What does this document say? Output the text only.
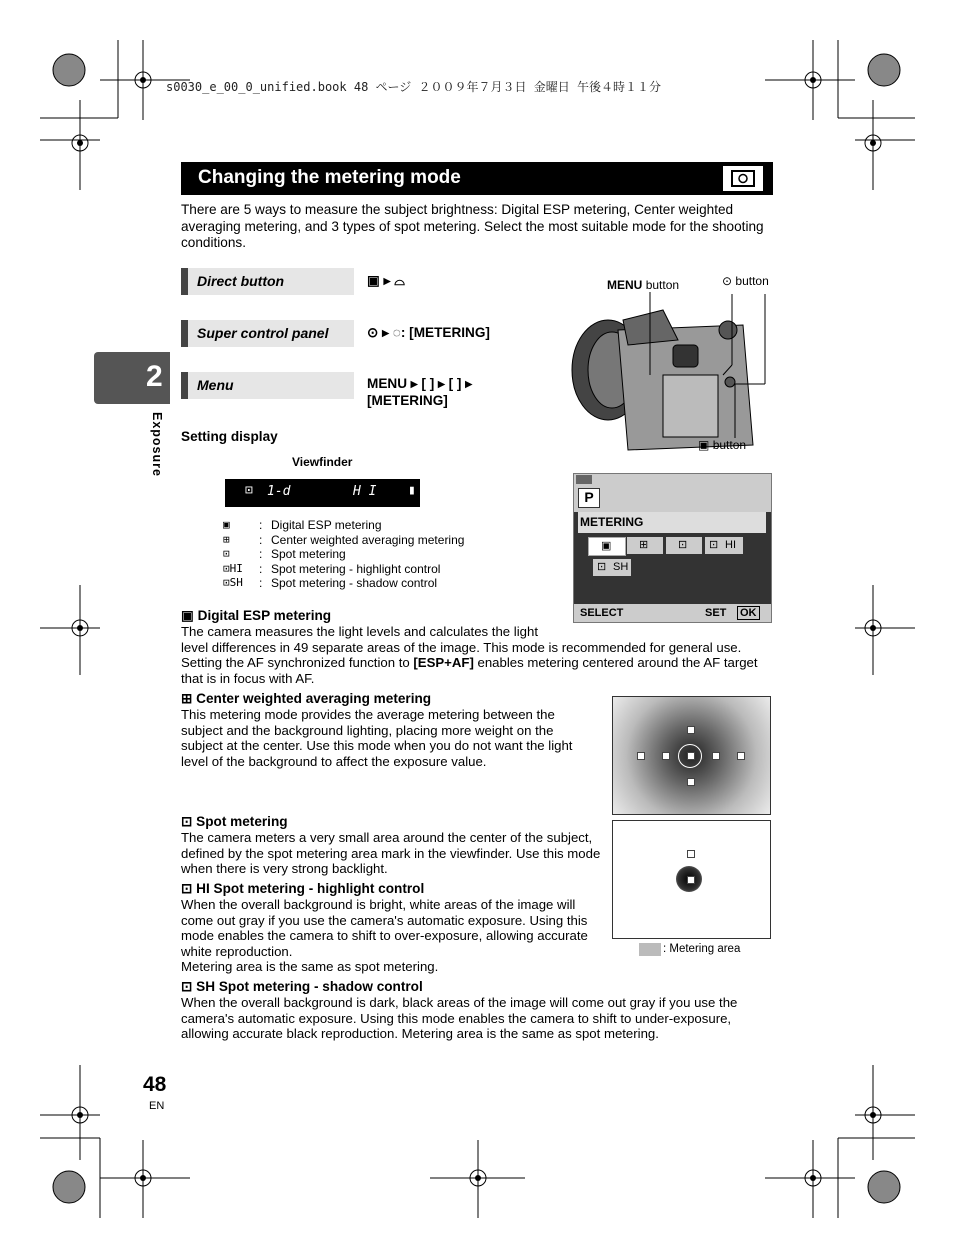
s0030_e_00_0_unified.book 48 ページ ２００９年７月３日 金曜日 午後４時１１分
Changing the metering mode
There are 5 ways to measure the subject brightness: Digital ESP metering, Center weighted averaging metering, and 3 types of spot metering. Select the most suitable mode for the shooting conditions.
Direct button	▣ ▸ ⌓
Super control panel	⊙ ▸ ◌: [METERING]
Menu	MENU ▸ [ ] ▸ [ ] ▸
[METERING]
MENU button	⊙ button
▣ button
2
Exposure Setting display
Viewfinder
⊡ 1-d	H I ▮
▣	: Digital ESP metering
⊞	: Center weighted averaging metering
⊡	: Spot metering
⊡HI	: Spot metering - highlight control
⊡SH	: Spot metering - shadow control
P
METERING
▣	⊞	⊡ ⊡ HI
⊡ SH
SELECT	SET OK
▣ Digital ESP metering
The camera measures the light levels and calculates the light
level differences in 49 separate areas of the image. This mode is recommended for general use.
Setting the AF synchronized function to [ESP+AF] enables metering centered around the AF target
that is in focus with AF.
⊞ Center weighted averaging metering
This metering mode provides the average metering between the subject and the background lighting, placing more weight on the subject at the center. Use this mode when you do not want the light level of the background to affect the exposure value.
⊡ Spot metering
The camera meters a very small area around the center of the subject, defined by the spot metering area mark in the viewfinder. Use this mode when there is very strong backlight.
: Metering area
⊡ HI Spot metering - highlight control
When the overall background is bright, white areas of the image will come out gray if you use the camera's automatic exposure. Using this mode enables the camera to shift to over-exposure, allowing accurate white reproduction.
Metering area is the same as spot metering.
⊡ SH Spot metering - shadow control
When the overall background is dark, black areas of the image will come out gray if you use the camera's automatic exposure. Using this mode enables the camera to shift to under-exposure, allowing accurate black reproduction. Metering area is the same as spot metering.
48
EN
